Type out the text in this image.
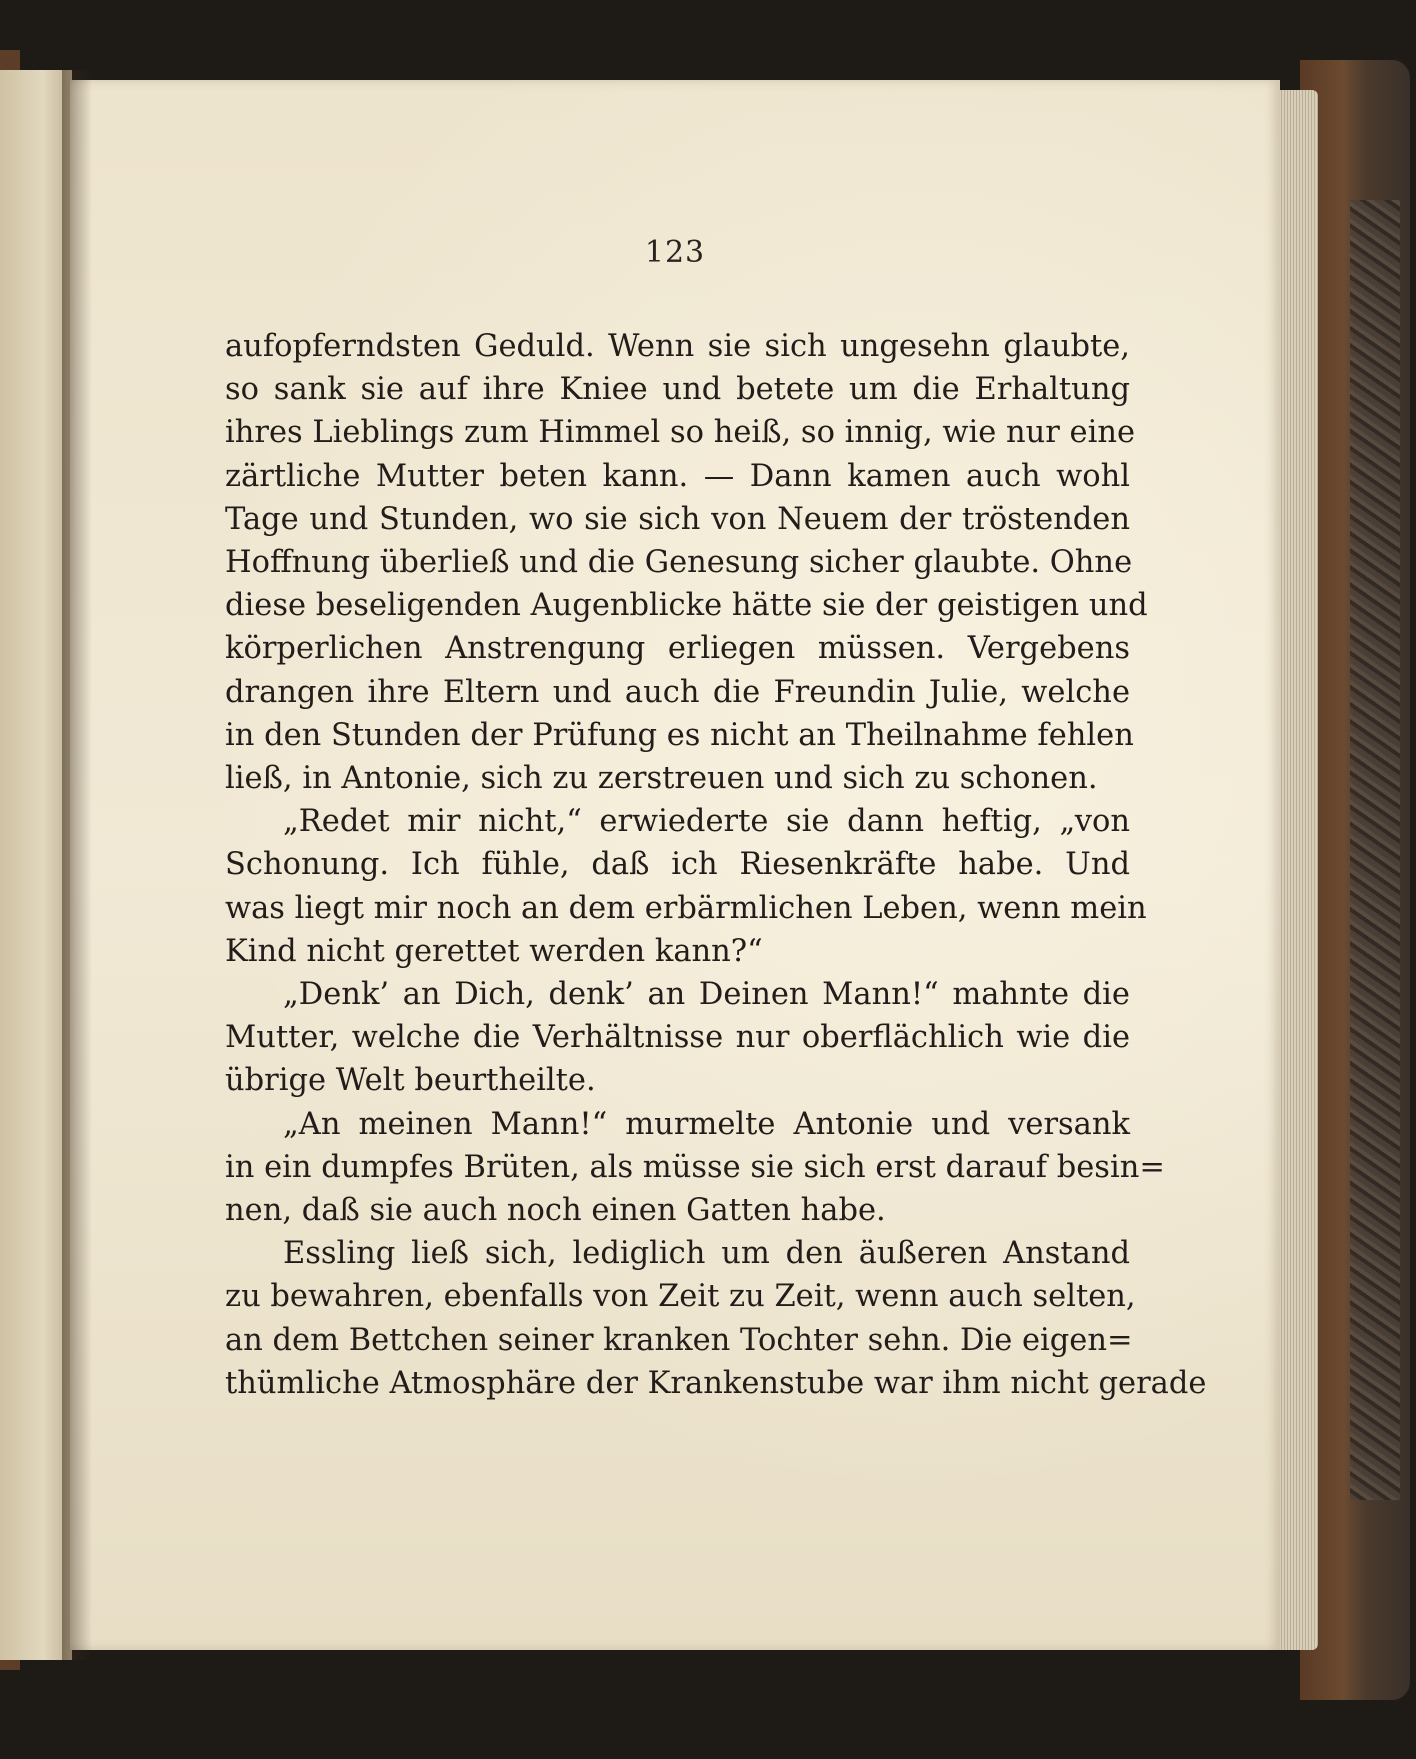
123
aufopferndsten Geduld. Wenn sie sich ungesehn glaubte,
so sank sie auf ihre Kniee und betete um die Erhaltung
ihres Lieblings zum Himmel so heiß, so innig, wie nur eine
zärtliche Mutter beten kann. — Dann kamen auch wohl
Tage und Stunden, wo sie sich von Neuem der tröstenden
Hoffnung überließ und die Genesung sicher glaubte. Ohne
diese beseligenden Augenblicke hätte sie der geistigen und
körperlichen Anstrengung erliegen müssen. Vergebens
drangen ihre Eltern und auch die Freundin Julie, welche
in den Stunden der Prüfung es nicht an Theilnahme fehlen
ließ, in Antonie, sich zu zerstreuen und sich zu schonen.
„Redet mir nicht,“ erwiederte sie dann heftig, „von
Schonung. Ich fühle, daß ich Riesenkräfte habe. Und
was liegt mir noch an dem erbärmlichen Leben, wenn mein
Kind nicht gerettet werden kann?“
„Denk’ an Dich, denk’ an Deinen Mann!“ mahnte die
Mutter, welche die Verhältnisse nur oberflächlich wie die
übrige Welt beurtheilte.
„An meinen Mann!“ murmelte Antonie und versank
in ein dumpfes Brüten, als müsse sie sich erst darauf besin=
nen, daß sie auch noch einen Gatten habe.
Essling ließ sich, lediglich um den äußeren Anstand
zu bewahren, ebenfalls von Zeit zu Zeit, wenn auch selten,
an dem Bettchen seiner kranken Tochter sehn. Die eigen=
thümliche Atmosphäre der Krankenstube war ihm nicht gerade
